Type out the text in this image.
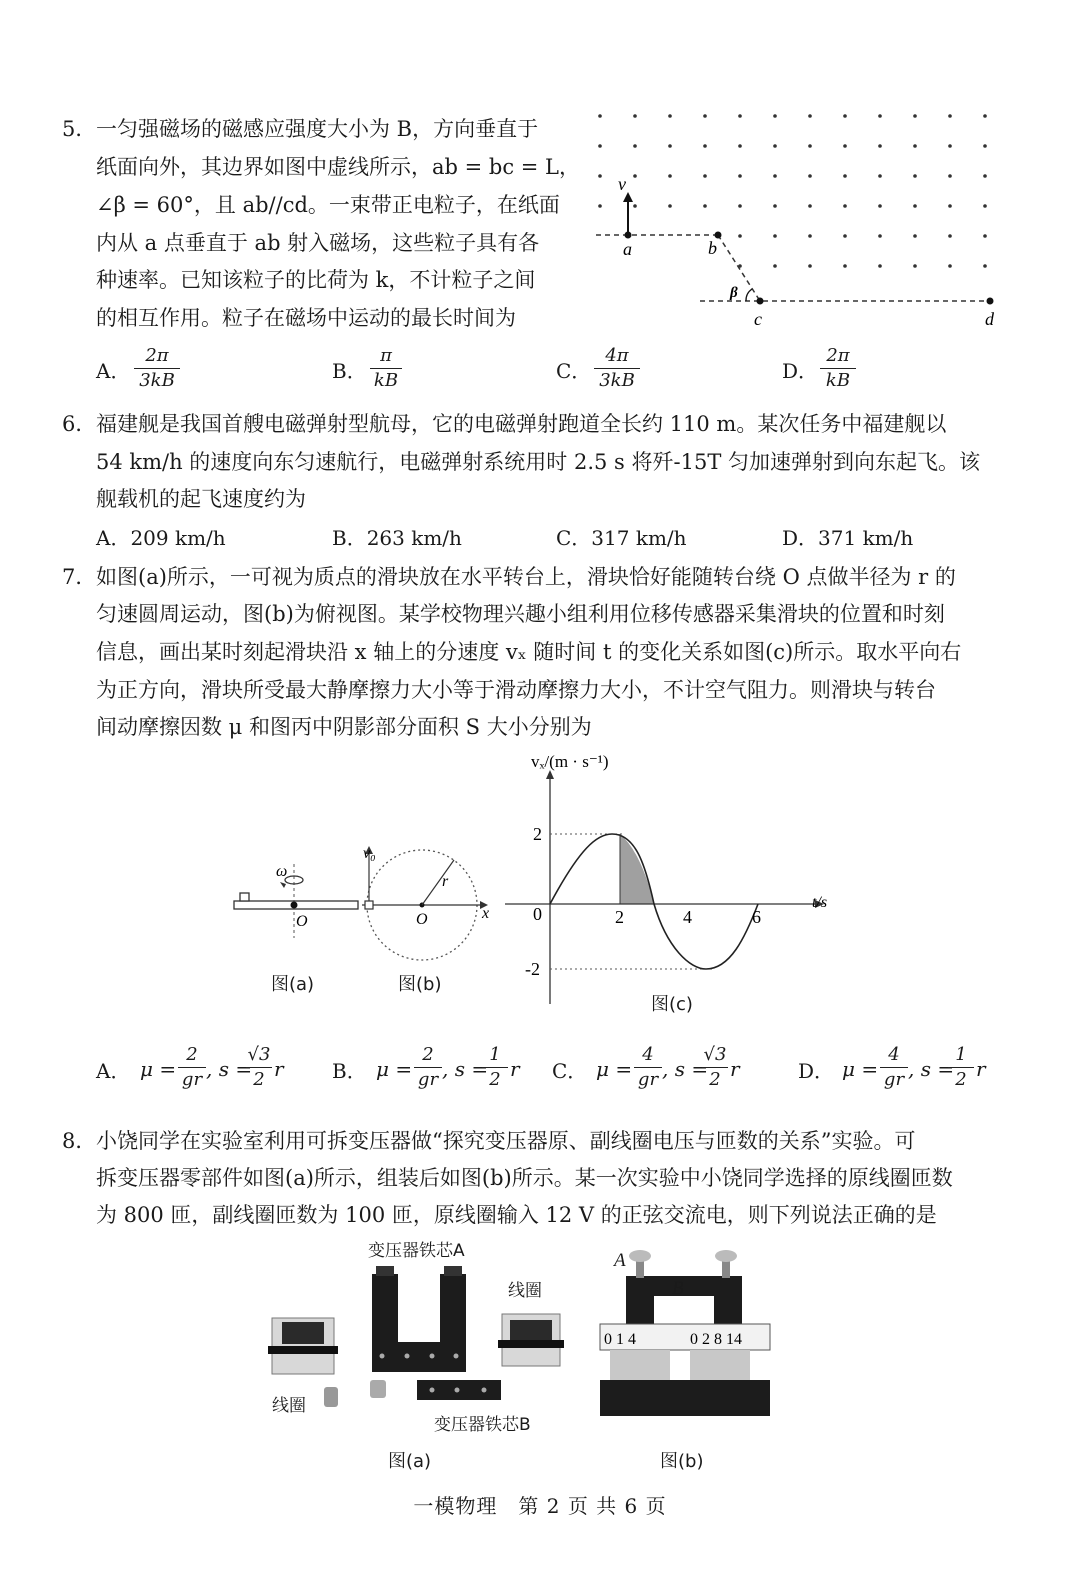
5． 一匀强磁场的磁感应强度大小为 B，方向垂直于
纸面向外，其边界如图中虚线所示，ab = bc = L，
∠β = 60°，且 ab//cd。一束带正电粒子，在纸面
内从 a 点垂直于 ab 射入磁场，这些粒子具有各
种速率。已知该粒子的比荷为 k，不计粒子之间
的相互作用。粒子在磁场中运动的最长时间为
v
a	b
c	d
β
A．
2π
3kB	B．
π
kB	C．
4π
3kB	D．
2π
kB
6． 福建舰是我国首艘电磁弹射型航母，它的电磁弹射跑道全长约 110 m。某次任务中福建舰以
54 km/h 的速度向东匀速航行，电磁弹射系统用时 2.5 s 将歼-15T 匀加速弹射到向东起飞。该
舰载机的起飞速度约为
A．209 km/h	B．263 km/h	C．317 km/h	D．371 km/h
7． 如图(a)所示，一可视为质点的滑块放在水平转台上，滑块恰好能随转台绕 O 点做半径为 r 的
匀速圆周运动，图(b)为俯视图。某学校物理兴趣小组利用位移传感器采集滑块的位置和时刻
信息，画出某时刻起滑块沿 x 轴上的分速度 vₓ 随时间 t 的变化关系如图(c)所示。取水平向右
为正方向，滑块所受最大静摩擦力大小等于滑动摩擦力大小，不计空气阻力。则滑块与转台
间动摩擦因数 μ 和图丙中阴影部分面积 S 大小分别为
ω
O
图(a)
v₀
r
O	x
图(b)
vₓ/(m · s⁻¹)
t/s
2
0
-2
2	4	6
图(c)
A． μ =
2
gr , s =
√3
2 r B． μ =
2
gr , s =
1
2 r C． μ =
4
gr , s =
√3
2 r	D． μ =
4
gr , s =
1
2 r
8． 小饶同学在实验室利用可拆变压器做“探究变压器原、副线圈电压与匝数的关系”实验。可
拆变压器零部件如图(a)所示，组装后如图(b)所示。某一次实验中小饶同学选择的原线圈匝数
为 800 匝，副线圈匝数为 100 匝，原线圈输入 12 V 的正弦交流电，则下列说法正确的是
变压器铁芯A
线圈
线圈
变压器铁芯B
图(a)
0 1 4	0 2 8 14
A
B
图(b)
一模物理　第 2 页 共 6 页
